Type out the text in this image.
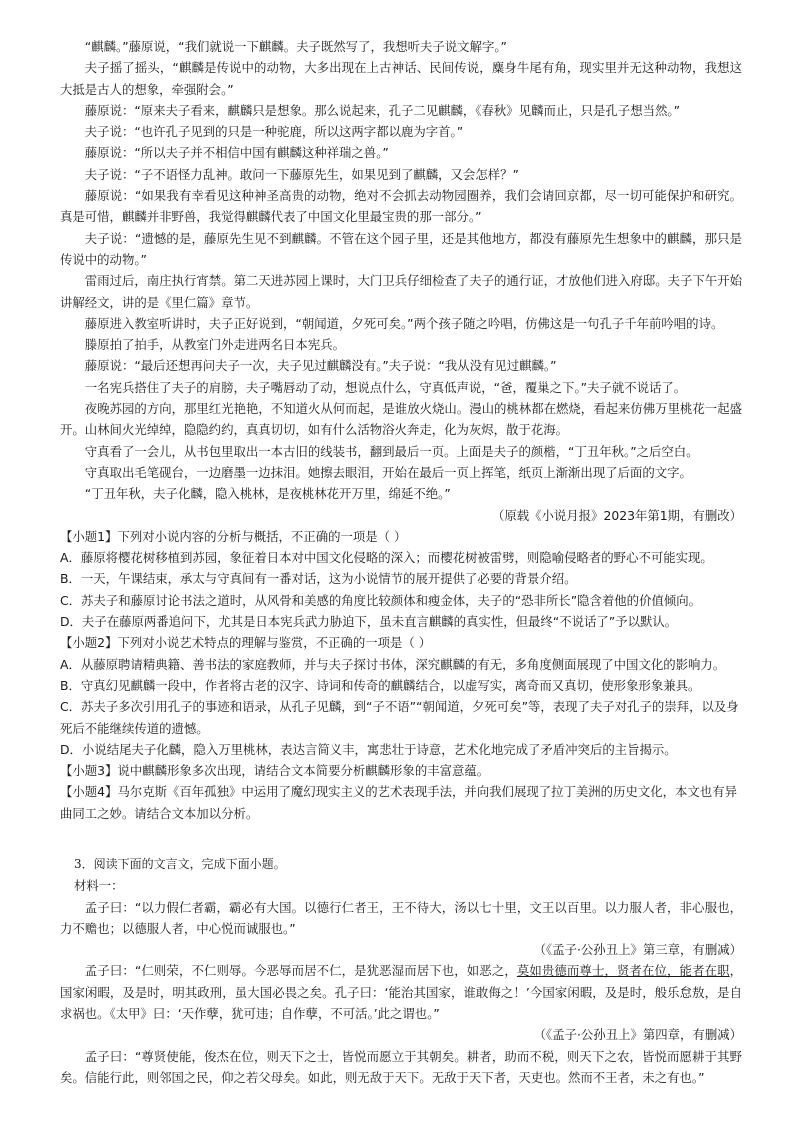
“麒麟。”藤原说，“我们就说一下麒麟。夫子既然写了，我想听夫子说文解字。”

夫子摇了摇头，“麒麟是传说中的动物，大多出现在上古神话、民间传说，麋身牛尾有角，现实里并无这种动物，我想这大抵是古人的想象，牵强附会。”

藤原说：“原来夫子看来，麒麟只是想象。那么说起来，孔子二见麒麟，《春秋》见麟而止，只是孔子想当然。”

夫子说：“也许孔子见到的只是一种驼鹿，所以这两字都以鹿为字首。”

藤原说：“所以夫子并不相信中国有麒麟这种祥瑞之兽。”

夫子说：“子不语怪力乱神。敢问一下藤原先生，如果见到了麒麟，又会怎样？”

藤原说：“如果我有幸看见这种神圣高贵的动物，绝对不会抓去动物园圈养，我们会请回京都，尽一切可能保护和研究。真是可惜，麒麟并非野兽，我觉得麒麟代表了中国文化里最宝贵的那一部分。”

夫子说：“遗憾的是，藤原先生见不到麒麟。不管在这个园子里，还是其他地方，都没有藤原先生想象中的麒麟，那只是传说中的动物。”

雷雨过后，南庄执行宵禁。第二天进苏园上课时，大门卫兵仔细检查了夫子的通行证，才放他们进入府邸。夫子下午开始讲解经文，讲的是《里仁篇》章节。

藤原进入教室听讲时，夫子正好说到，“朝闻道，夕死可矣。”两个孩子随之吟唱，仿佛这是一句孔子千年前吟唱的诗。

滕原拍了拍手，从教室门外走进两名日本宪兵。

藤原说：“最后还想再问夫子一次，夫子见过麒麟没有。”夫子说：“我从没有见过麒麟。”

一名宪兵搭住了夫子的肩膀，夫子嘴唇动了动，想说点什么，守真低声说，“爸，覆巢之下。”夫子就不说话了。

夜晚苏园的方向，那里红光艳艳，不知道火从何而起，是谁放火烧山。漫山的桃林都在燃烧，看起来仿佛万里桃花一起盛开。山林间火光绰绰，隐隐约约，真真切切，如有什么活物浴火奔走，化为灰烬，散于花海。

守真看了一会儿，从书包里取出一本古旧的线装书，翻到最后一页。上面是夫子的颜楷，“丁丑年秋。”之后空白。

守真取出毛笔砚台，一边磨墨一边抹泪。她擦去眼泪，开始在最后一页上挥笔，纸页上渐渐出现了后面的文字。

“丁丑年秋，夫子化麟，隐入桃林，是夜桃林花开万里，绵延不绝。”

（原载《小说月报》2023年第1期，有删改）

【小题1】下列对小说内容的分析与概括，不正确的一项是（ ）

A．藤原将樱花树移植到苏园，象征着日本对中国文化侵略的深入；而樱花树被雷劈，则隐喻侵略者的野心不可能实现。

B．一天，午课结束，承太与守真间有一番对话，这为小说情节的展开提供了必要的背景介绍。

C．苏夫子和藤原讨论书法之道时，从风骨和美感的角度比较颜体和瘦金体，夫子的“恐非所长”隐含着他的价值倾向。

D．夫子在藤原两番追问下，尤其是日本宪兵武力胁迫下，虽未直言麒麟的真实性，但最终“不说话了”予以默认。

【小题2】下列对小说艺术特点的理解与鉴赏，不正确的一项是（ ）

A．从藤原聘请精典籍、善书法的家庭教师，并与夫子探讨书体，深究麒麟的有无，多角度侧面展现了中国文化的影响力。

B．守真幻见麒麟一段中，作者将古老的汉字、诗词和传奇的麒麟结合，以虚写实，离奇而又真切，使形象形象兼具。

C．苏夫子多次引用孔子的事迹和语录，从孔子见麟，到“子不语”“朝闻道，夕死可矣”等，表现了夫子对孔子的崇拜，以及身死后不能继续传道的遗憾。

D．小说结尾夫子化麟，隐入万里桃林，表达言简义丰，寓悲壮于诗意，艺术化地完成了矛盾冲突后的主旨揭示。

【小题3】说中麒麟形象多次出现，请结合文本简要分析麒麟形象的丰富意蕴。

【小题4】马尔克斯《百年孤独》中运用了魔幻现实主义的艺术表现手法，并向我们展现了拉丁美洲的历史文化，本文也有异曲同工之妙。请结合文本加以分析。

3．阅读下面的文言文，完成下面小题。

材料一：

孟子曰：“以力假仁者霸，霸必有大国。以德行仁者王，王不待大，汤以七十里，文王以百里。以力服人者，非心服也，力不赡也；以德服人者，中心悦而诚服也。”

（《孟子·公孙丑上》第三章，有删减）

孟子曰：“仁则荣，不仁则辱。今恶辱而居不仁，是犹恶湿而居下也，如恶之，莫如贵德而尊士，贤者在位，能者在职，国家闲暇，及是时，明其政刑，虽大国必畏之矣。孔子曰：‘能治其国家，谁敢侮之！’今国家闲暇，及是时，般乐怠敖，是自求祸也。《太甲》曰：‘天作孽，犹可违；自作孽，不可活。’此之谓也。”

（《孟子·公孙丑上》第四章，有删减）

孟子曰：“尊贤使能，俊杰在位，则天下之士，皆悦而愿立于其朝矣。耕者，助而不税，则天下之农，皆悦而愿耕于其野矣。信能行此，则邻国之民，仰之若父母矣。如此，则无敌于天下。无敌于天下者，天吏也。然而不王者，未之有也。”
